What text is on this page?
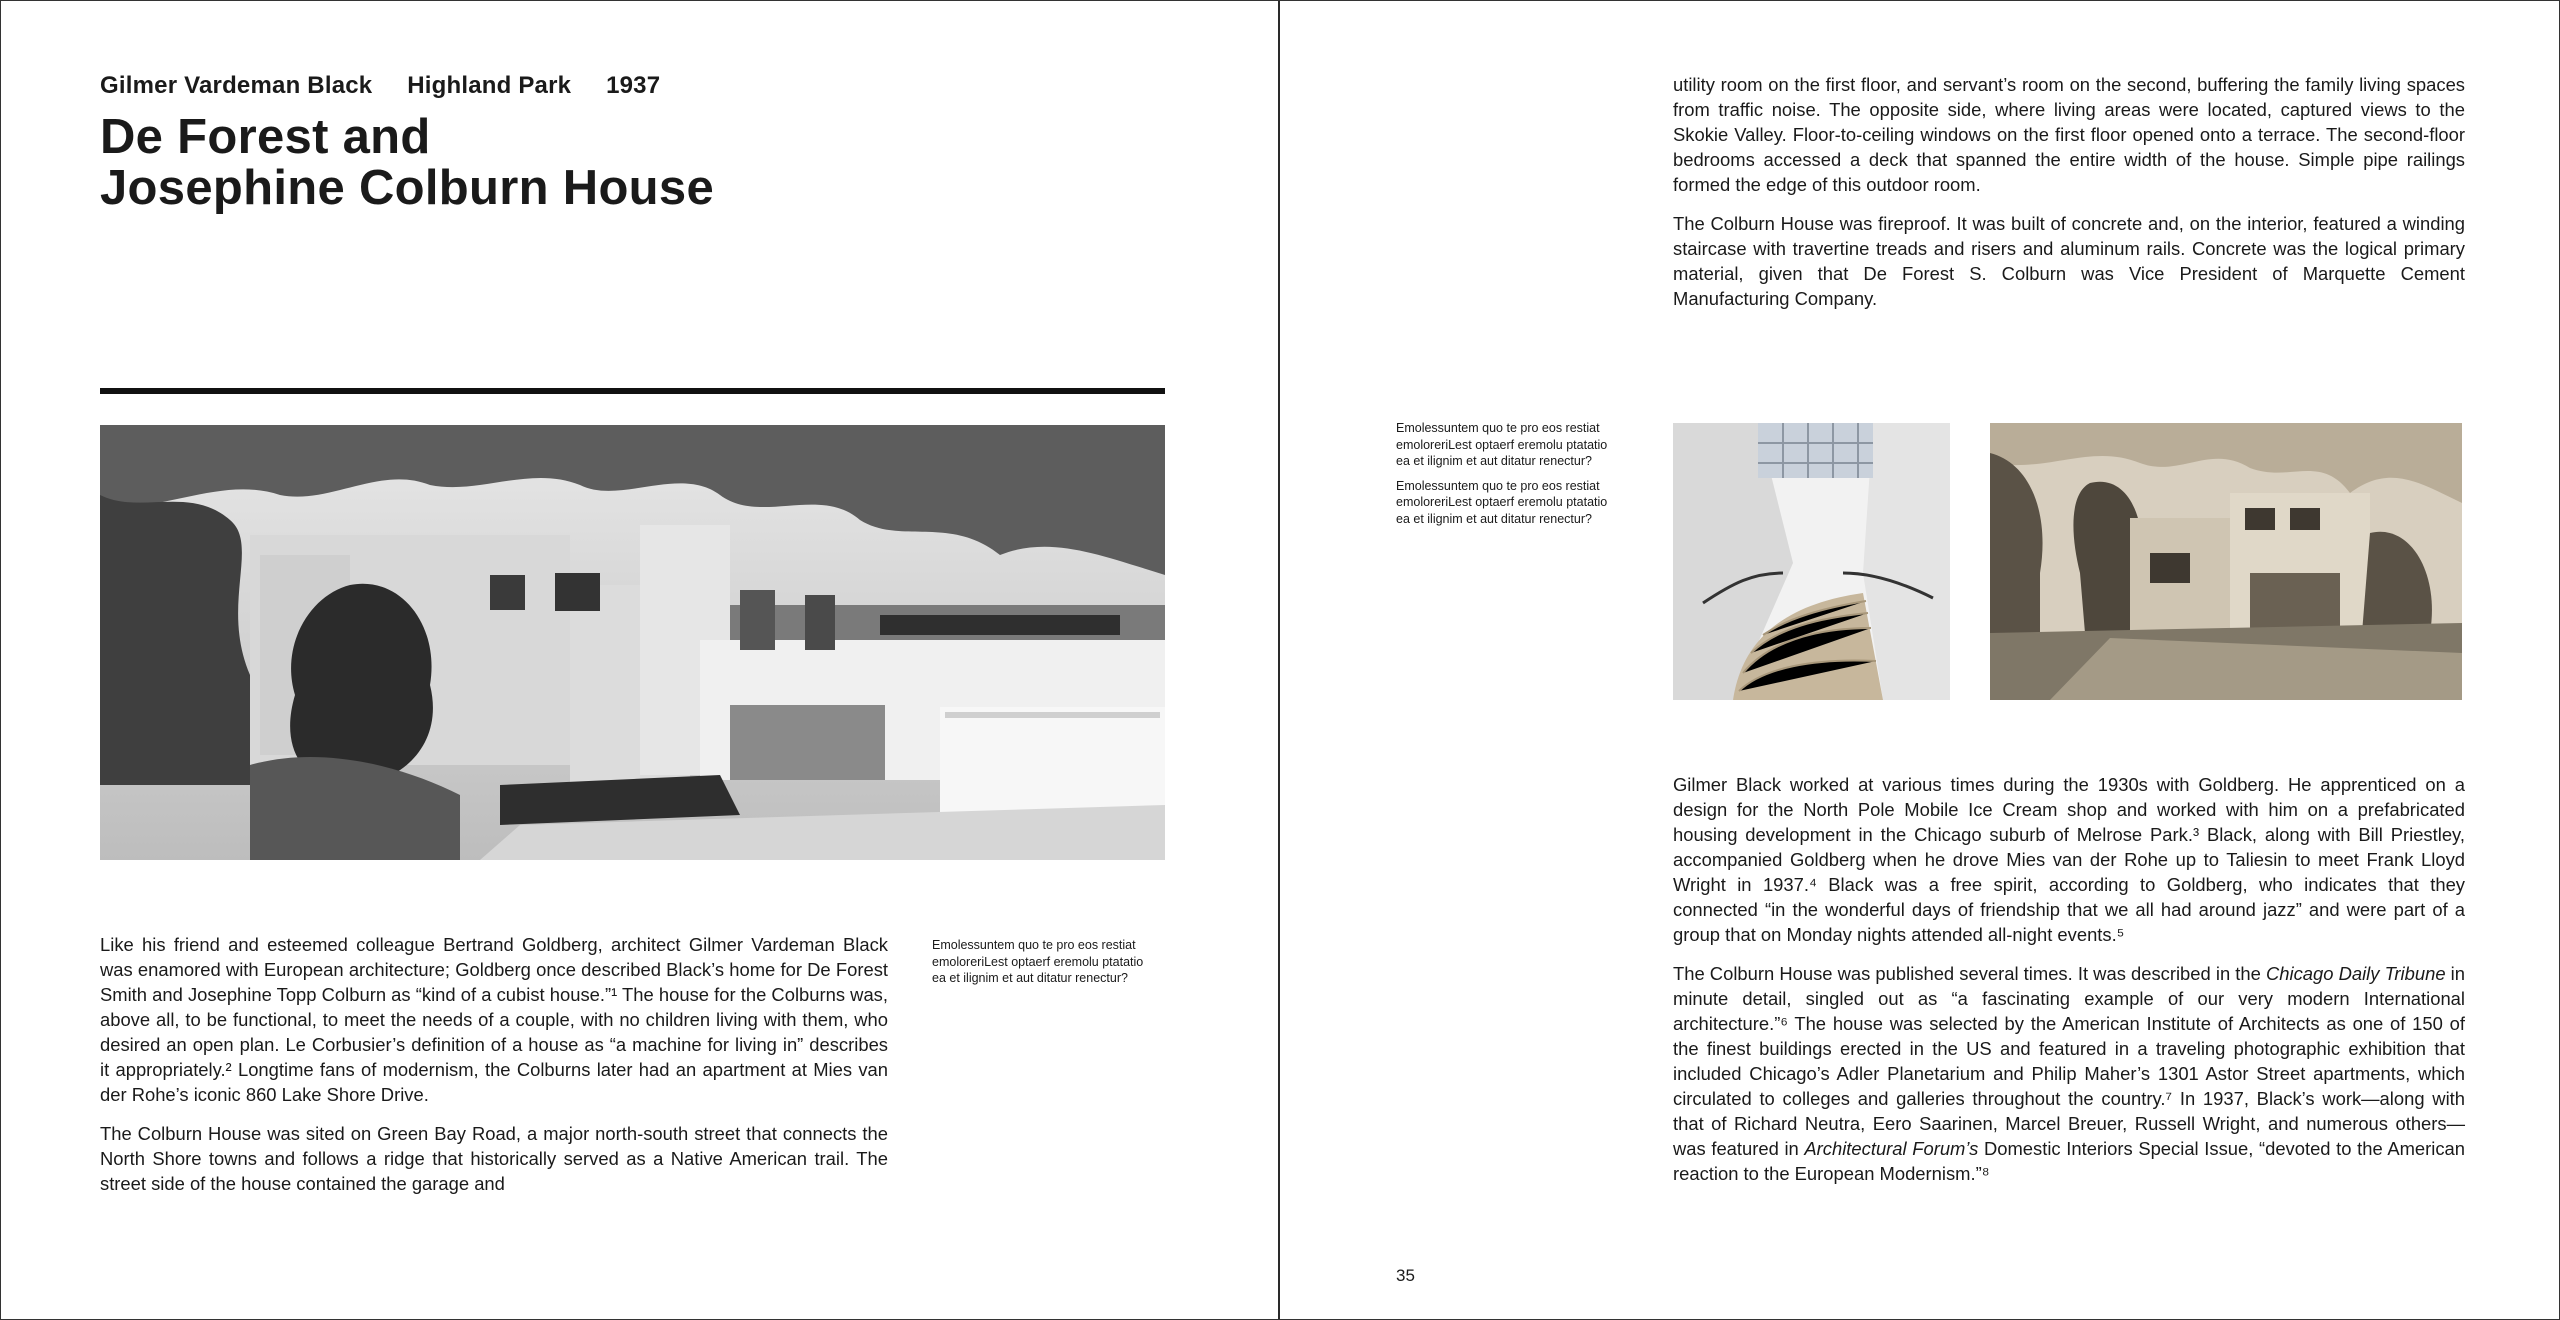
Gilmer Vardeman Black Highland Park 1937
De Forest and
Josephine Colburn House

Like his friend and esteemed colleague Bertrand Goldberg, architect Gilmer Vardeman Black was enamored with European architecture; Goldberg once described Black’s home for De Forest Smith and Josephine Topp Colburn as “kind of a cubist house.”¹ The house for the Colburns was, above all, to be functional, to meet the needs of a couple, with no children living with them, who desired an open plan. Le Corbusier’s definition of a house as “a machine for living in” describes it appropriately.² Longtime fans of modernism, the Colburns later had an apartment at Mies van der Rohe’s iconic 860 Lake Shore Drive.

The Colburn House was sited on Green Bay Road, a major north-south street that connects the North Shore towns and follows a ridge that historically served as a Native American trail. The street side of the house contained the garage and

Emolessuntem quo te pro eos restiat emoloreriLest optaerf eremolu ptatatio ea et ilignim et aut ditatur renectur?

utility room on the first floor, and servant’s room on the second, buffering the family living spaces from traffic noise. The opposite side, where living areas were located, captured views to the Skokie Valley. Floor-to-ceiling windows on the first floor opened onto a terrace. The second-floor bedrooms accessed a deck that spanned the entire width of the house. Simple pipe railings formed the edge of this outdoor room.

The Colburn House was fireproof. It was built of concrete and, on the interior, featured a winding staircase with travertine treads and risers and aluminum rails. Concrete was the logical primary material, given that De Forest S. Colburn was Vice President of Marquette Cement Manufacturing Company.

Emolessuntem quo te pro eos restiat emoloreriLest optaerf eremolu ptatatio ea et ilignim et aut ditatur renectur?

Emolessuntem quo te pro eos restiat emoloreriLest optaerf eremolu ptatatio ea et ilignim et aut ditatur renectur?

Gilmer Black worked at various times during the 1930s with Goldberg. He apprenticed on a design for the North Pole Mobile Ice Cream shop and worked with him on a prefabricated housing development in the Chicago suburb of Melrose Park.³ Black, along with Bill Priestley, accompanied Goldberg when he drove Mies van der Rohe up to Taliesin to meet Frank Lloyd Wright in 1937.⁴ Black was a free spirit, according to Goldberg, who indicates that they connected “in the wonderful days of friendship that we all had around jazz” and were part of a group that on Monday nights attended all-night events.⁵

The Colburn House was published several times. It was described in the Chicago Daily Tribune in minute detail, singled out as “a fascinating example of our very modern International architecture.”⁶ The house was selected by the American Institute of Architects as one of 150 of the finest buildings erected in the US and featured in a traveling photographic exhibition that included Chicago’s Adler Planetarium and Philip Maher’s 1301 Astor Street apartments, which circulated to colleges and galleries throughout the country.⁷ In 1937, Black’s work—along with that of Richard Neutra, Eero Saarinen, Marcel Breuer, Russell Wright, and numerous others—was featured in Architectural Forum’s Domestic Interiors Special Issue, “devoted to the American reaction to the European Modernism.”⁸

35
